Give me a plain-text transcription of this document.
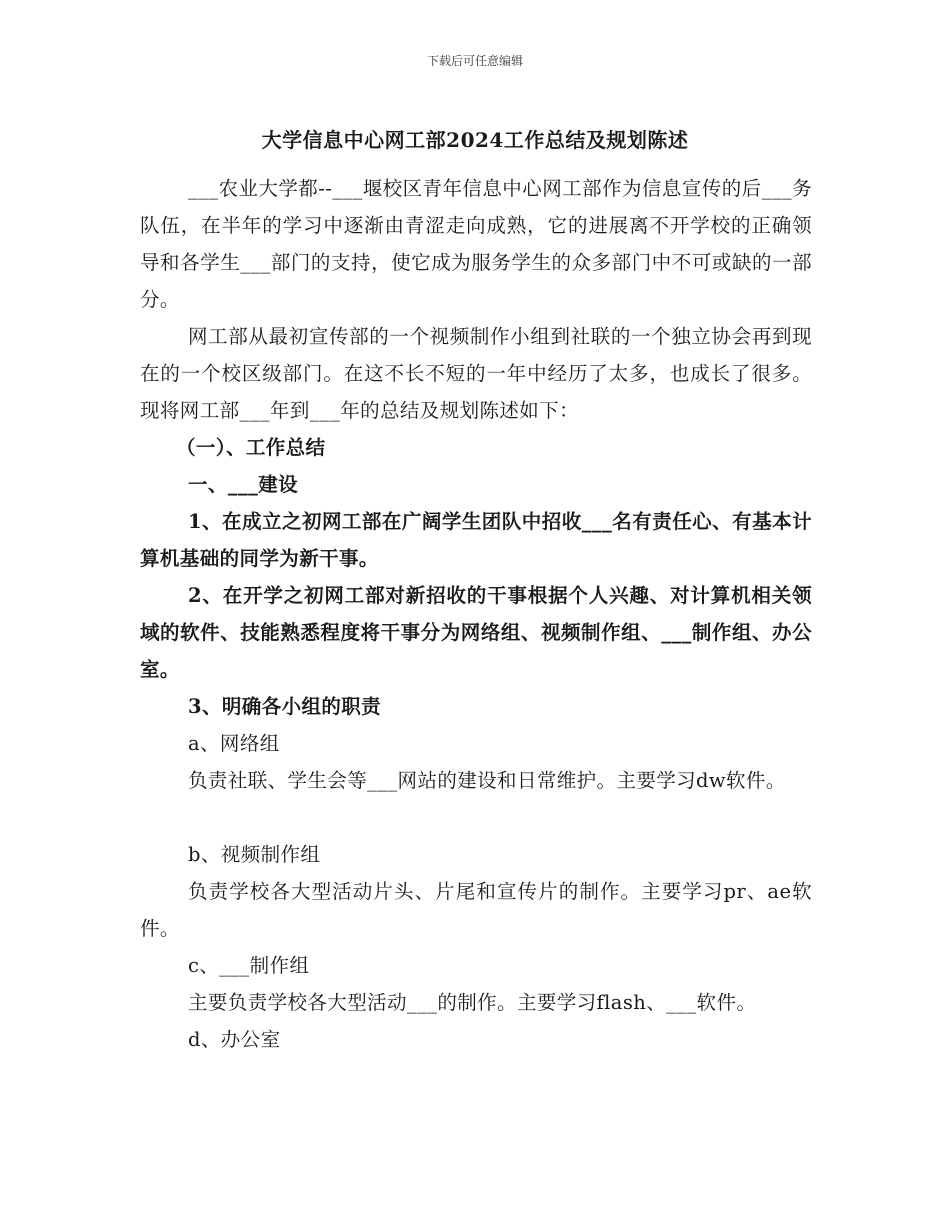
下载后可任意编辑
大学信息中心网工部2024工作总结及规划陈述

___农业大学都--___堰校区青年信息中心网工部作为信息宣传的后___务队伍，在半年的学习中逐渐由青涩走向成熟，它的进展离不开学校的正确领导和各学生___部门的支持，使它成为服务学生的众多部门中不可或缺的一部分。

网工部从最初宣传部的一个视频制作小组到社联的一个独立协会再到现在的一个校区级部门。在这不长不短的一年中经历了太多，也成长了很多。现将网工部___年到___年的总结及规划陈述如下：

（一）、工作总结

一、___建设

1、在成立之初网工部在广阔学生团队中招收___名有责任心、有基本计算机基础的同学为新干事。

2、在开学之初网工部对新招收的干事根据个人兴趣、对计算机相关领域的软件、技能熟悉程度将干事分为网络组、视频制作组、___制作组、办公室。

3、明确各小组的职责

a、网络组

负责社联、学生会等___网站的建设和日常维护。主要学习dw软件。

b、视频制作组

负责学校各大型活动片头、片尾和宣传片的制作。主要学习pr、ae软件。

c、___制作组

主要负责学校各大型活动___的制作。主要学习flash、___软件。

d、办公室
